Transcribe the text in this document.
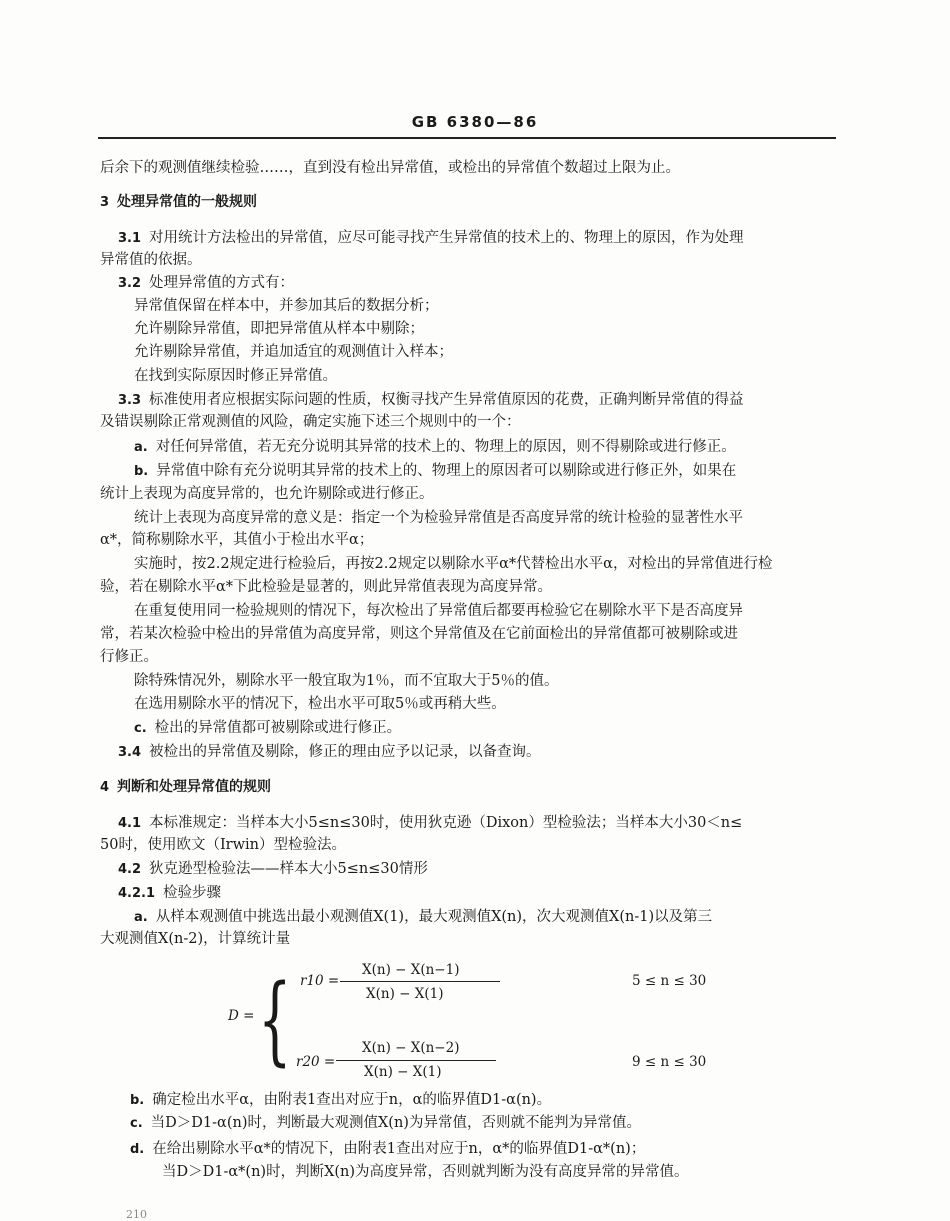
GB 6380—86
后余下的观测值继续检验……，直到没有检出异常值，或检出的异常值个数超过上限为止。
3 处理异常值的一般规则
3.1 对用统计方法检出的异常值，应尽可能寻找产生异常值的技术上的、物理上的原因，作为处理
异常值的依据。
3.2 处理异常值的方式有：
异常值保留在样本中，并参加其后的数据分析；
允许剔除异常值，即把异常值从样本中剔除；
允许剔除异常值，并追加适宜的观测值计入样本；
在找到实际原因时修正异常值。
3.3 标准使用者应根据实际问题的性质，权衡寻找产生异常值原因的花费，正确判断异常值的得益
及错误剔除正常观测值的风险，确定实施下述三个规则中的一个：
a. 对任何异常值，若无充分说明其异常的技术上的、物理上的原因，则不得剔除或进行修正。
b. 异常值中除有充分说明其异常的技术上的、物理上的原因者可以剔除或进行修正外，如果在
统计上表现为高度异常的，也允许剔除或进行修正。
统计上表现为高度异常的意义是：指定一个为检验异常值是否高度异常的统计检验的显著性水平
α*，简称剔除水平，其值小于检出水平α；
实施时，按2.2规定进行检验后，再按2.2规定以剔除水平α*代替检出水平α，对检出的异常值进行检
验，若在剔除水平α*下此检验是显著的，则此异常值表现为高度异常。
在重复使用同一检验规则的情况下，每次检出了异常值后都要再检验它在剔除水平下是否高度异
常，若某次检验中检出的异常值为高度异常，则这个异常值及在它前面检出的异常值都可被剔除或进
行修正。
除特殊情况外，剔除水平一般宜取为1％，而不宜取大于5％的值。
在选用剔除水平的情况下，检出水平可取5％或再稍大些。
c. 检出的异常值都可被剔除或进行修正。
3.4 被检出的异常值及剔除，修正的理由应予以记录，以备查询。
4 判断和处理异常值的规则
4.1 本标准规定：当样本大小5≤n≤30时，使用狄克逊（Dixon）型检验法；当样本大小30＜n≤
50时，使用欧文（Irwin）型检验法。
4.2 狄克逊型检验法——样本大小5≤n≤30情形
4.2.1 检验步骤
a. 从样本观测值中挑选出最小观测值X(1)，最大观测值X(n)，次大观测值X(n-1)以及第三
大观测值X(n-2)，计算统计量
D = { r10 =
X(n) − X(n−1)
X(n) − X(1)
5 ≤ n ≤ 30
r20 =
X(n) − X(n−2)
X(n) − X(1)
9 ≤ n ≤ 30
b. 确定检出水平α，由附表1查出对应于n，α的临界值D1-α(n)。
c. 当D＞D1-α(n)时，判断最大观测值X(n)为异常值，否则就不能判为异常值。
d. 在给出剔除水平α*的情况下，由附表1查出对应于n，α*的临界值D1-α*(n)；
当D＞D1-α*(n)时，判断X(n)为高度异常，否则就判断为没有高度异常的异常值。
210
